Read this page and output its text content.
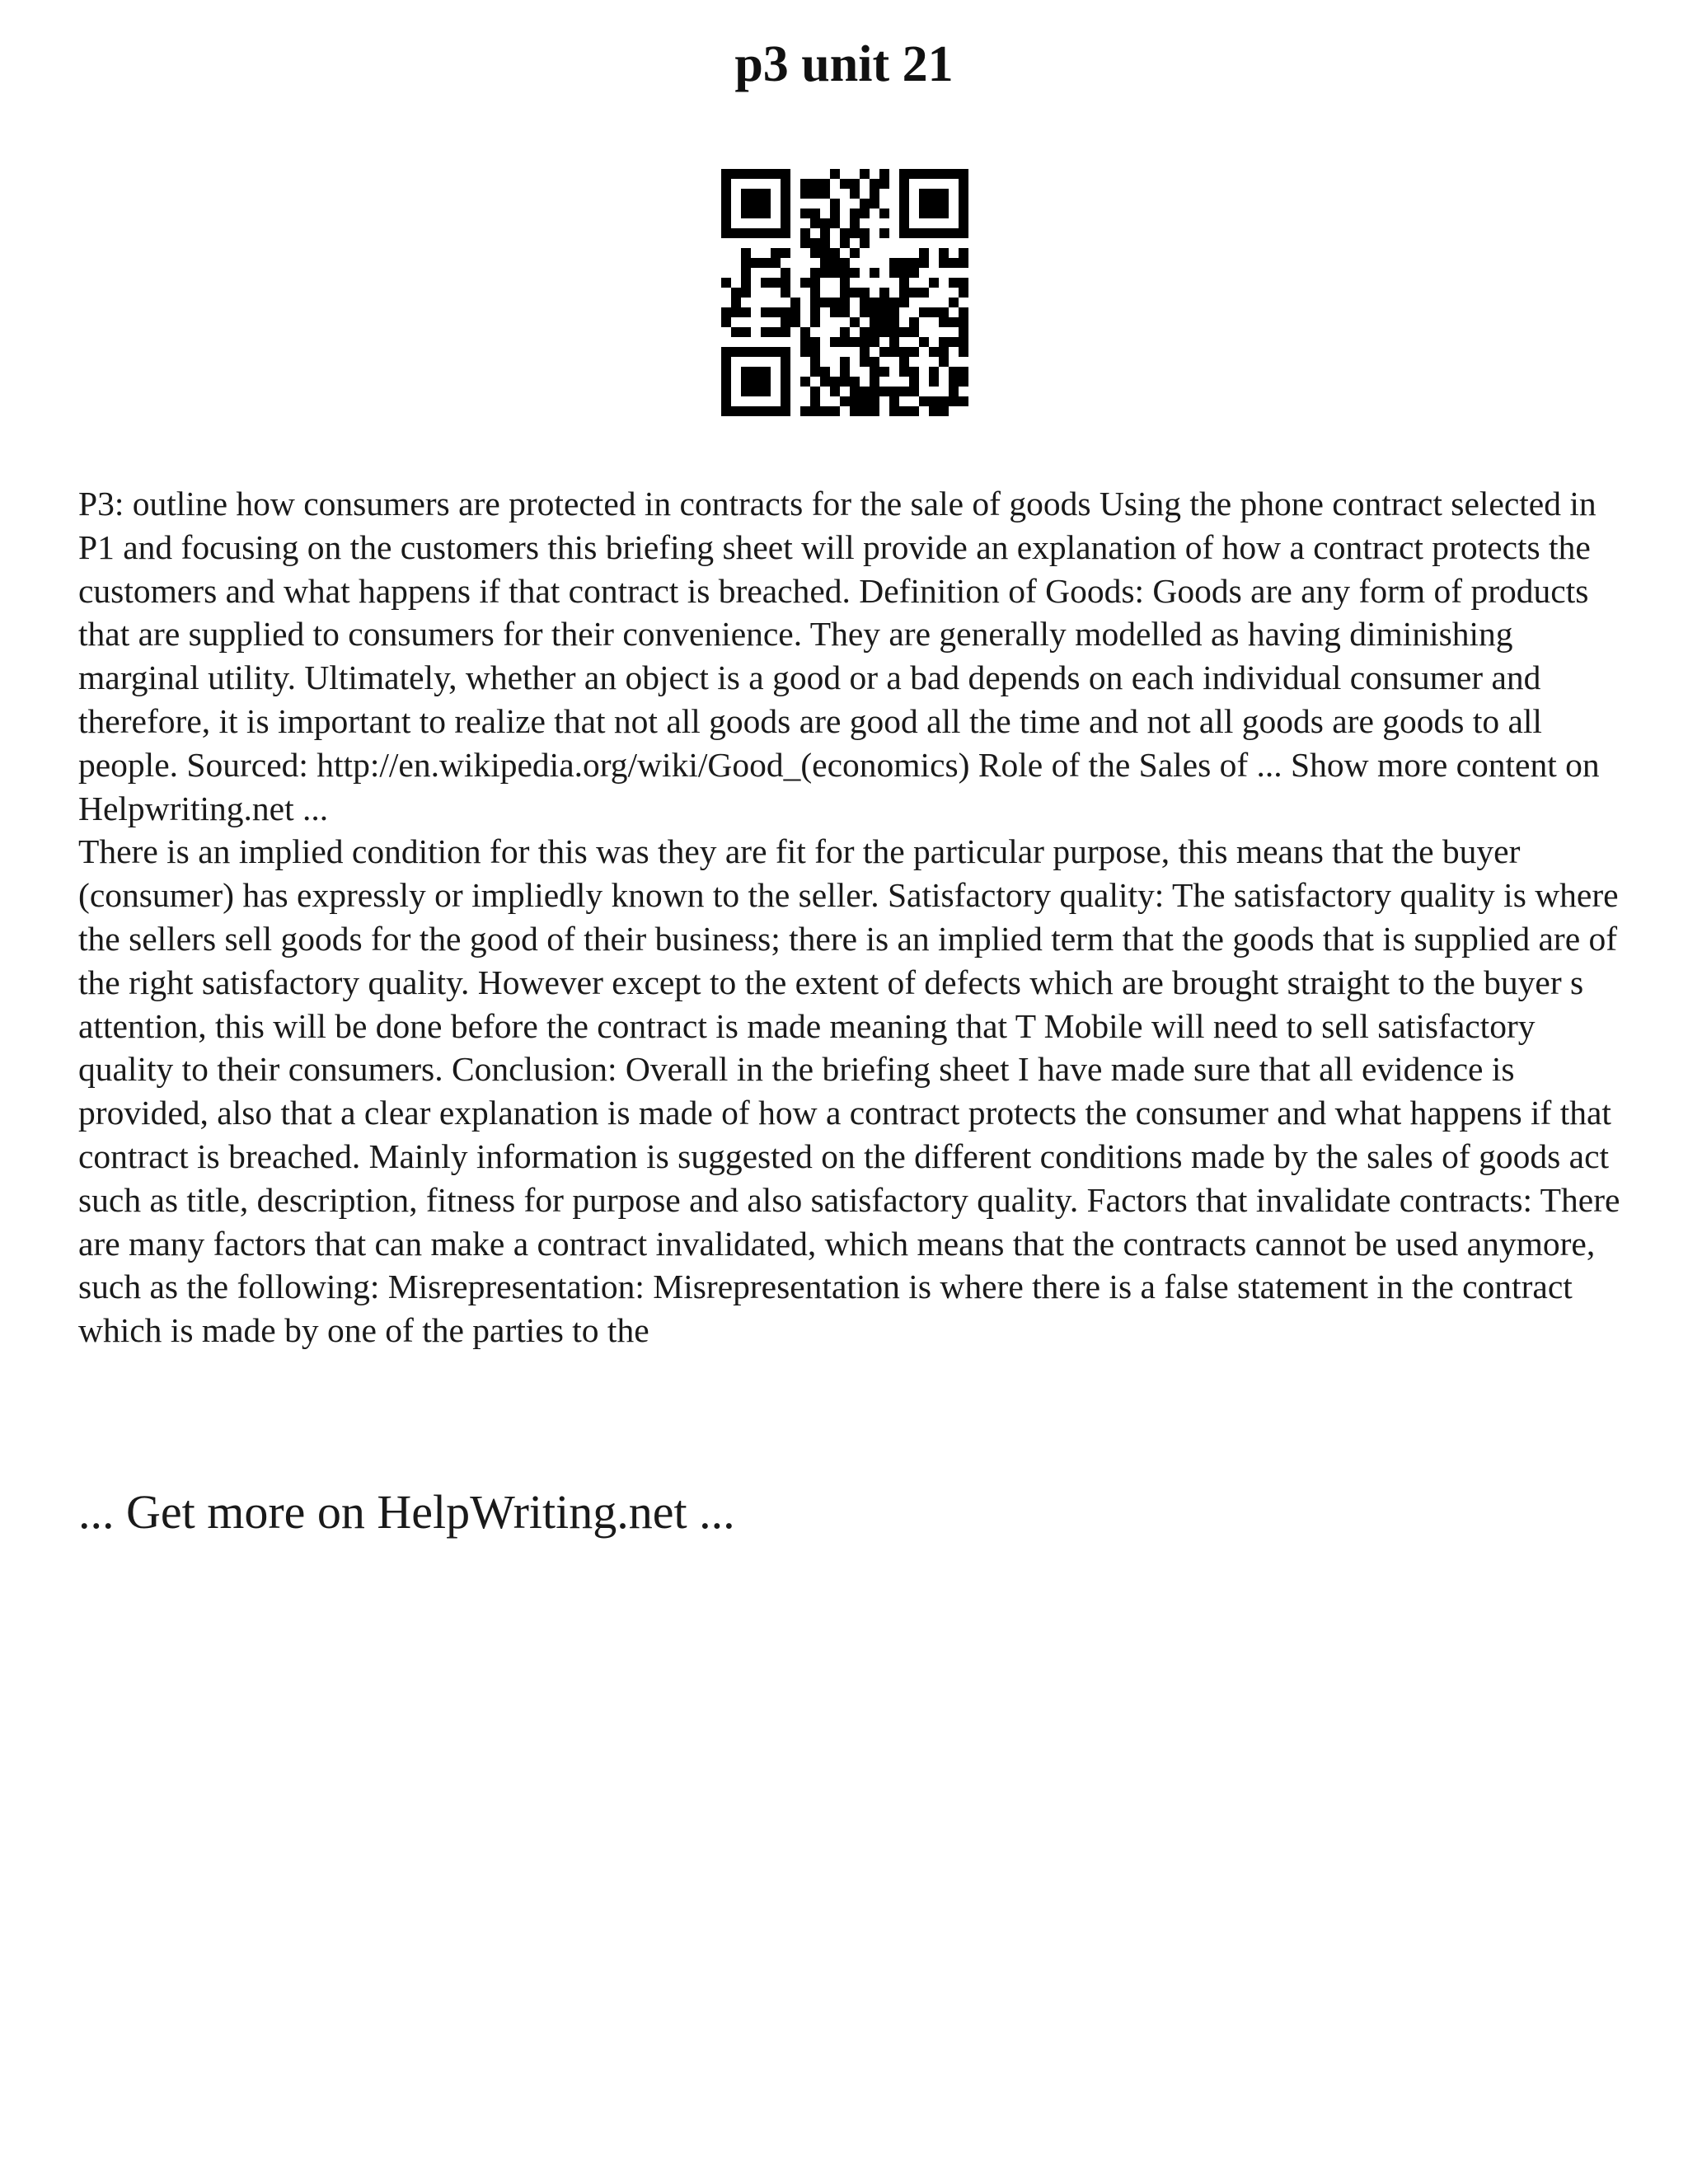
p3 unit 21

P3: outline how consumers are protected in contracts for the sale of goods Using the phone contract selected in P1 and focusing on the customers this briefing sheet will provide an explanation of how a contract protects the customers and what happens if that contract is breached. Definition of Goods: Goods are any form of products that are supplied to consumers for their convenience. They are generally modelled as having diminishing marginal utility. Ultimately, whether an object is a good or a bad depends on each individual consumer and therefore, it is important to realize that not all goods are good all the time and not all goods are goods to all people. Sourced: http://en.wikipedia.org/wiki/Good_(economics) Role of the Sales of ... Show more content on Helpwriting.net ...

There is an implied condition for this was they are fit for the particular purpose, this means that the buyer (consumer) has expressly or impliedly known to the seller. Satisfactory quality: The satisfactory quality is where the sellers sell goods for the good of their business; there is an implied term that the goods that is supplied are of the right satisfactory quality. However except to the extent of defects which are brought straight to the buyer s attention, this will be done before the contract is made meaning that T Mobile will need to sell satisfactory quality to their consumers. Conclusion: Overall in the briefing sheet I have made sure that all evidence is provided, also that a clear explanation is made of how a contract protects the consumer and what happens if that contract is breached. Mainly information is suggested on the different conditions made by the sales of goods act such as title, description, fitness for purpose and also satisfactory quality. Factors that invalidate contracts: There are many factors that can make a contract invalidated, which means that the contracts cannot be used anymore, such as the following: Misrepresentation: Misrepresentation is where there is a false statement in the contract which is made by one of the parties to the

... Get more on HelpWriting.net ...
